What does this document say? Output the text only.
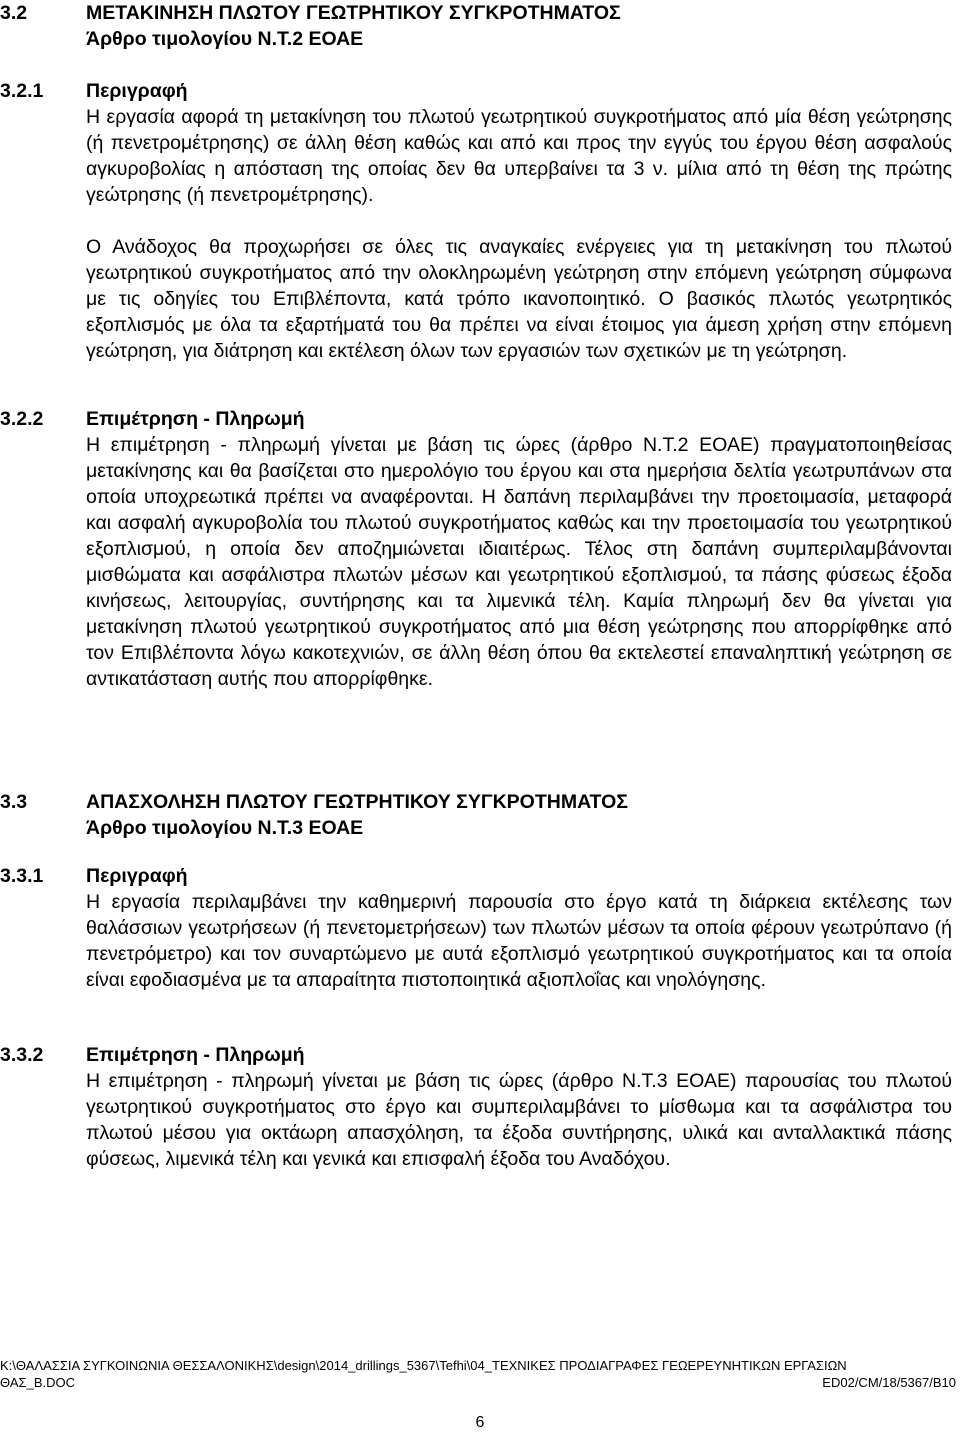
3.2	ΜΕΤΑΚΙΝΗΣΗ ΠΛΩΤΟΥ ΓΕΩΤΡΗΤΙΚΟΥ ΣΥΓΚΡΟΤΗΜΑΤΟΣ
Άρθρο τιμολογίου Ν.Τ.2 ΕΟΑΕ
3.2.1 Περιγραφή

Η εργασία αφορά τη μετακίνηση του πλωτού γεωτρητικού συγκροτήματος από μία θέση γεώτρησης (ή πενετρομέτρησης) σε άλλη θέση καθώς και από και προς την εγγύς του έργου θέση ασφαλούς αγκυροβολίας η απόσταση της οποίας δεν θα υπερβαίνει τα 3 ν. μίλια από τη θέση της πρώτης γεώτρησης (ή πενετρομέτρησης).

Ο Ανάδοχος θα προχωρήσει σε όλες τις αναγκαίες ενέργειες για τη μετακίνηση του πλωτού γεωτρητικού συγκροτήματος από την ολοκληρωμένη γεώτρηση στην επόμενη γεώτρηση σύμφωνα με τις οδηγίες του Επιβλέποντα, κατά τρόπο ικανοποιητικό. Ο βασικός πλωτός γεωτρητικός εξοπλισμός με όλα τα εξαρτήματά του θα πρέπει να είναι έτοιμος για άμεση χρήση στην επόμενη γεώτρηση, για διάτρηση και εκτέλεση όλων των εργασιών των σχετικών με τη γεώτρηση.

3.2.2 Επιμέτρηση - Πληρωμή

Η επιμέτρηση - πληρωμή γίνεται με βάση τις ώρες (άρθρο Ν.Τ.2 ΕΟΑΕ) πραγματοποιηθείσας μετακίνησης και θα βασίζεται στο ημερολόγιο του έργου και στα ημερήσια δελτία γεωτρυπάνων στα οποία υποχρεωτικά πρέπει να αναφέρονται. Η δαπάνη περιλαμβάνει την προετοιμασία, μεταφορά και ασφαλή αγκυροβολία του πλωτού συγκροτήματος καθώς και την προετοιμασία του γεωτρητικού εξοπλισμού, η οποία δεν αποζημιώνεται ιδιαιτέρως. Τέλος στη δαπάνη συμπεριλαμβάνονται μισθώματα και ασφάλιστρα πλωτών μέσων και γεωτρητικού εξοπλισμού, τα πάσης φύσεως έξοδα κινήσεως, λειτουργίας, συντήρησης και τα λιμενικά τέλη. Καμία πληρωμή δεν θα γίνεται για μετακίνηση πλωτού γεωτρητικού συγκροτήματος από μια θέση γεώτρησης που απορρίφθηκε από τον Επιβλέποντα λόγω κακοτεχνιών, σε άλλη θέση όπου θα εκτελεστεί επαναληπτική γεώτρηση σε αντικατάσταση αυτής που απορρίφθηκε.

3.3	ΑΠΑΣΧΟΛΗΣΗ ΠΛΩΤΟΥ ΓΕΩΤΡΗΤΙΚΟΥ ΣΥΓΚΡΟΤΗΜΑΤΟΣ
Άρθρο τιμολογίου Ν.Τ.3 ΕΟΑΕ
3.3.1 Περιγραφή

Η εργασία περιλαμβάνει την καθημερινή παρουσία στο έργο κατά τη διάρκεια εκτέλεσης των θαλάσσιων γεωτρήσεων (ή πενετομετρήσεων) των πλωτών μέσων τα οποία φέρουν γεωτρύπανο (ή πενετρόμετρο) και τον συναρτώμενο με αυτά εξοπλισμό γεωτρητικού συγκροτήματος και τα οποία είναι εφοδιασμένα με τα απαραίτητα πιστοποιητικά αξιοπλοΐας και νηολόγησης.

3.3.2 Επιμέτρηση - Πληρωμή

Η επιμέτρηση - πληρωμή γίνεται με βάση τις ώρες (άρθρο Ν.Τ.3 ΕΟΑΕ) παρουσίας του πλωτού γεωτρητικού συγκροτήματος στο έργο και συμπεριλαμβάνει το μίσθωμα και τα ασφάλιστρα του πλωτού μέσου για οκτάωρη απασχόληση, τα έξοδα συντήρησης, υλικά και ανταλλακτικά πάσης φύσεως, λιμενικά τέλη και γενικά και επισφαλή έξοδα του Αναδόχου.

Κ:\ΘΑΛΑΣΣΙΑ ΣΥΓΚΟΙΝΩΝΙΑ ΘΕΣΣΑΛΟΝΙΚΗΣ\design\2014_drillings_5367\Tefhi\04_ΤΕΧΝΙΚΕΣ ΠΡΟΔΙΑΓΡΑΦΕΣ ΓΕΩΕΡΕΥΝΗΤΙΚΩΝ ΕΡΓΑΣΙΩΝ
ΘΑΣ_Β.DOC	ED02/CM/18/5367/B10
6
